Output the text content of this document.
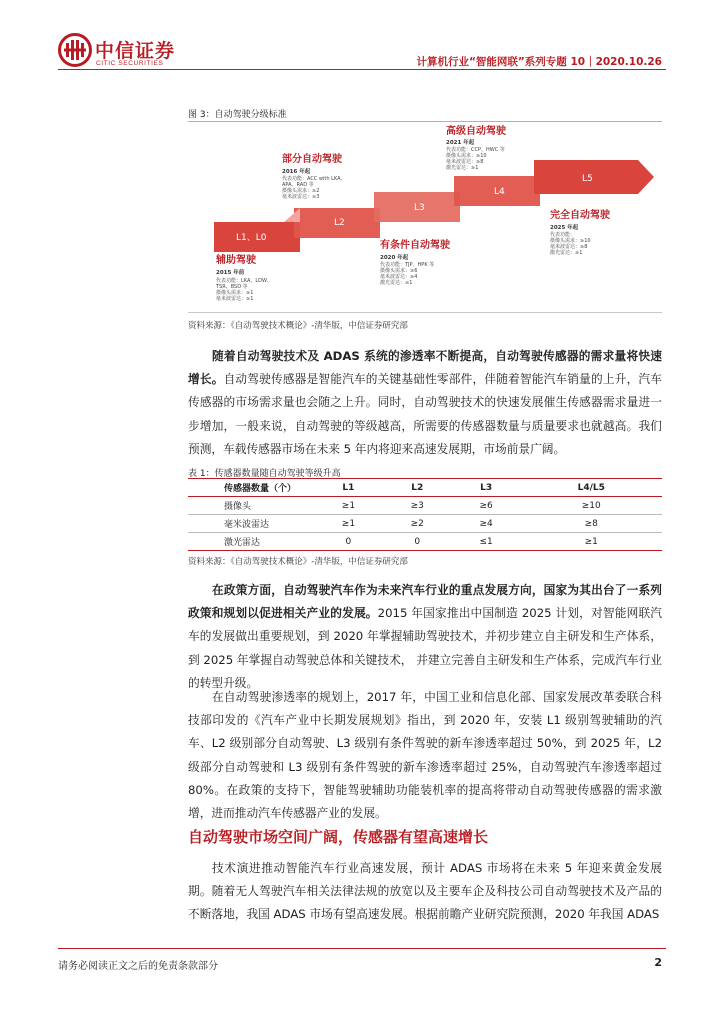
中信证券
CITIC SECURITIES	计算机行业“智能网联”系列专题 10｜2020.10.26
图 3：自动驾驶分级标准
L1、L0
L2
L3
L4
L5
辅助驾驶
2015 年前
代表功能：LKA、LDW、
TSR、BSD 等
摄像头需求：≥1
毫米波雷达：≥1
部分自动驾驶
2016 年起
代表功能：ACC with LKA、
APA、RAD 等
摄像头需求：≥2
毫米波雷达：≥3
有条件自动驾驶
2020 年起
代表功能：TJP、HPK 等
摄像头需求：≥6
毫米波雷达：≥4
激光雷达：≤1
高级自动驾驶
2021 年起
代表功能：CCP、HWC 等
摄像头需求：≥10
毫米波雷达：≥8
激光雷达：≥1
完全自动驾驶
2025 年起
代表功能：
摄像头需求：≥10
毫米波雷达：≥8
激光雷达：≥1
资料来源：《自动驾驶技术概论》-清华版，中信证券研究部
随着自动驾驶技术及 ADAS 系统的渗透率不断提高，自动驾驶传感器的需求量将快速增长。自动驾驶传感器是智能汽车的关键基础性零部件，伴随着智能汽车销量的上升，汽车传感器的市场需求量也会随之上升。同时，自动驾驶技术的快速发展催生传感器需求量进一步增加，一般来说，自动驾驶的等级越高，所需要的传感器数量与质量要求也就越高。我们预测，车载传感器市场在未来 5 年内将迎来高速发展期，市场前景广阔。
表 1：传感器数量随自动驾驶等级升高
传感器数量（个）	L1	L2	L3	L4/L5
摄像头	≥1	≥3	≥6	≥10
毫米波雷达	≥1	≥2	≥4	≥8
激光雷达	0	0	≤1	≥1
资料来源：《自动驾驶技术概论》-清华版，中信证券研究部
在政策方面，自动驾驶汽车作为未来汽车行业的重点发展方向，国家为其出台了一系列政策和规划以促进相关产业的发展。2015 年国家推出中国制造 2025 计划，对智能网联汽车的发展做出重要规划，到 2020 年掌握辅助驾驶技术，并初步建立自主研发和生产体系，到 2025 年掌握自动驾驶总体和关键技术， 并建立完善自主研发和生产体系，完成汽车行业的转型升级。
在自动驾驶渗透率的规划上，2017 年，中国工业和信息化部、国家发展改革委联合科技部印发的《汽车产业中长期发展规划》指出，到 2020 年，安装 L1 级别驾驶辅助的汽车、L2 级别部分自动驾驶、L3 级别有条件驾驶的新车渗透率超过 50%，到 2025 年，L2 级部分自动驾驶和 L3 级别有条件驾驶的新车渗透率超过 25%，自动驾驶汽车渗透率超过 80%。在政策的支持下，智能驾驶辅助功能装机率的提高将带动自动驾驶传感器的需求激增，进而推动汽车传感器产业的发展。
自动驾驶市场空间广阔，传感器有望高速增长
技术演进推动智能汽车行业高速发展，预计 ADAS 市场将在未来 5 年迎来黄金发展期。随着无人驾驶汽车相关法律法规的放宽以及主要车企及科技公司自动驾驶技术及产品的不断落地，我国 ADAS 市场有望高速发展。根据前瞻产业研究院预测，2020 年我国 ADAS
请务必阅读正文之后的免责条款部分	2
